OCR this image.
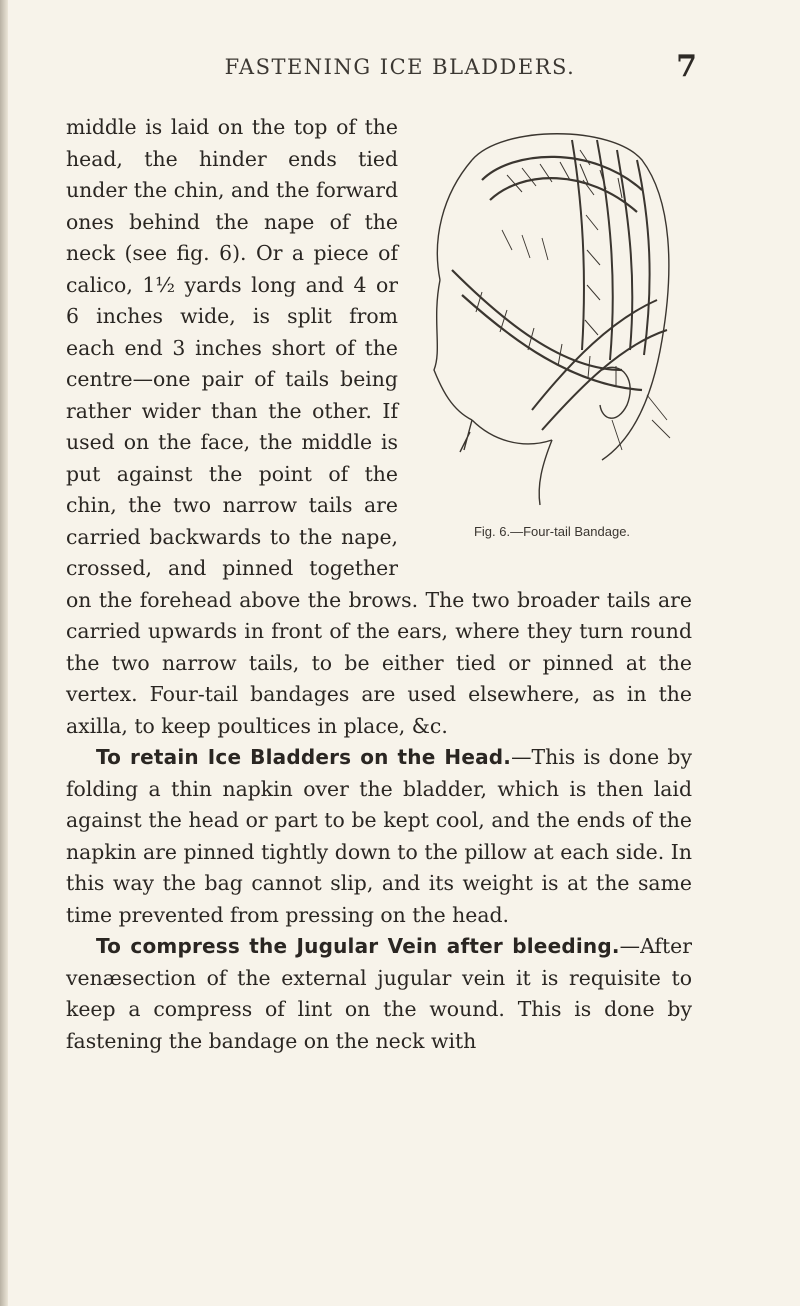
FASTENING ICE BLADDERS.	7
Fig. 6.—Four-tail Bandage.

middle is laid on the top of the head, the hinder ends tied under the chin, and the forward ones behind the nape of the neck (see fig. 6). Or a piece of calico, 1½ yards long and 4 or 6 inches wide, is split from each end 3 inches short of the centre—one pair of tails being rather wider than the other. If used on the face, the middle is put against the point of the chin, the two narrow tails are carried backwards to the nape, crossed, and pinned together on the forehead above the brows. The two broader tails are carried upwards in front of the ears, where they turn round the two narrow tails, to be either tied or pinned at the vertex. Four-tail bandages are used elsewhere, as in the axilla, to keep poultices in place, &c.

To retain Ice Bladders on the Head.—This is done by folding a thin napkin over the bladder, which is then laid against the head or part to be kept cool, and the ends of the napkin are pinned tightly down to the pillow at each side. In this way the bag cannot slip, and its weight is at the same time prevented from pressing on the head.

To compress the Jugular Vein after bleeding.—After venæsection of the external jugular vein it is requisite to keep a compress of lint on the wound. This is done by fastening the bandage on the neck with
